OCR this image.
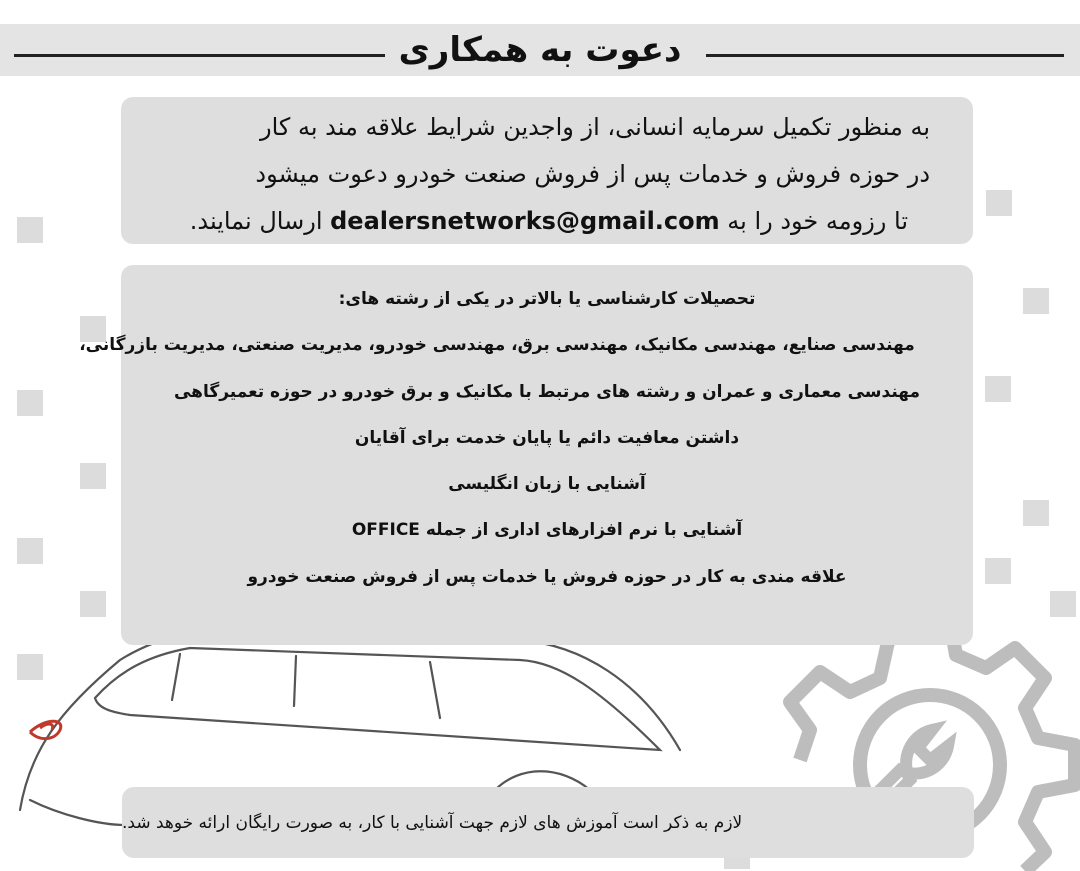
دعوت به همکاری
به منظور تکمیل سرمایه انسانی، از واجدین شرایط علاقه مند به کار
در حوزه فروش و خدمات پس از فروش صنعت خودرو دعوت میشود
تا رزومه خود را به dealersnetworks@gmail.com ارسال نمایند.
تحصیلات کارشناسی یا بالاتر در یکی از رشته های:
مهندسی صنایع، مهندسی مکانیک، مهندسی برق، مهندسی خودرو، مدیریت صنعتی، مدیریت بازرگانی،
مهندسی معماری و عمران و رشته های مرتبط با مکانیک و برق خودرو در حوزه تعمیرگاهی
داشتن معافیت دائم یا پایان خدمت برای آقایان
آشنایی با زبان انگلیسی
آشنایی با نرم افزارهای اداری از جمله OFFICE
علاقه مندی به کار در حوزه فروش یا خدمات پس از فروش صنعت خودرو
لازم به ذکر است آموزش های لازم جهت آشنایی با کار، به صورت رایگان ارائه خوهد شد.
